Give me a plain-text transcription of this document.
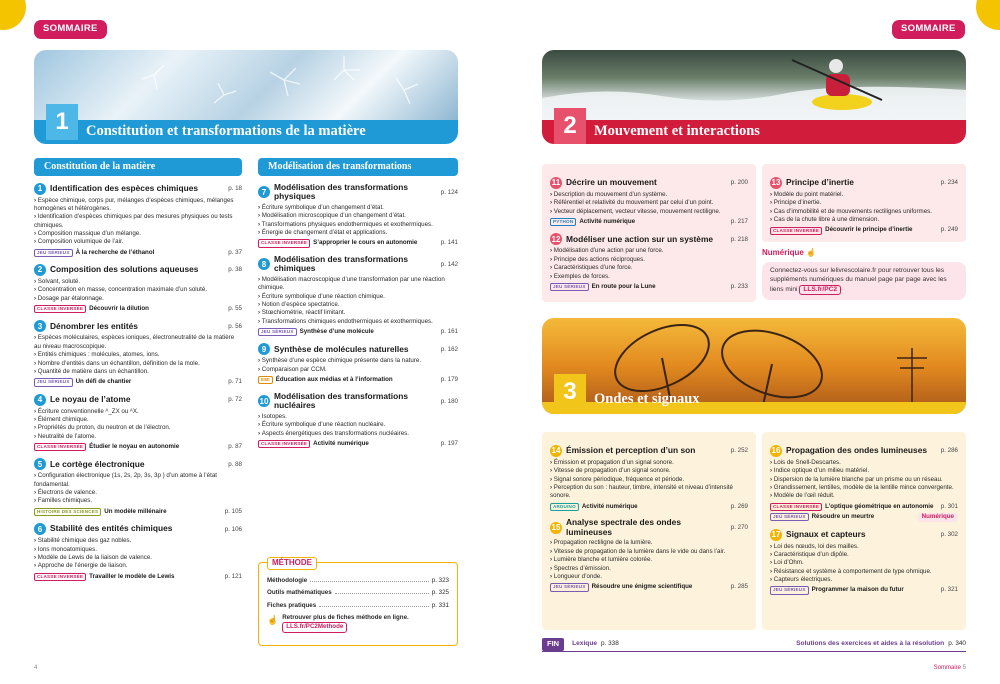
SOMMAIRE
Constitution et transformations de la matière
1
Constitution de la matière
1 Identification des espèces chimiques	p. 18
› Espèce chimique, corps pur, mélanges d’espèces chimiques, mélanges homogènes et hétérogènes.
› Identification d’espèces chimiques par des mesures physiques ou tests chimiques.
› Composition massique d’un mélange.
› Composition volumique de l’air.
JEU SÉRIEUX À la recherche de l’éthanol	p. 37
2 Composition des solutions aqueuses	p. 38
› Solvant, soluté.
› Concentration en masse, concentration maximale d’un soluté.
› Dosage par étalonnage.
CLASSE INVERSÉE Découvrir la dilution	p. 55
3 Dénombrer les entités	p. 56
› Espèces moléculaires, espèces ioniques, électroneutralité de la matière au niveau macroscopique.
› Entités chimiques : molécules, atomes, ions.
› Nombre d’entités dans un échantillon, définition de la mole.
› Quantité de matière dans un échantillon.
JEU SÉRIEUX Un défi de chantier	p. 71
4 Le noyau de l’atome	p. 72
› Écriture conventionnelle ᴬ_ZX ou ᴬX.
› Élément chimique.
› Propriétés du proton, du neutron et de l’électron.
› Neutralité de l’atome.
CLASSE INVERSÉE Étudier le noyau en autonomie	p. 87
5 Le cortège électronique	p. 88
› Configuration électronique (1s, 2s, 2p, 3s, 3p ) d’un atome à l’état fondamental.
› Électrons de valence.
› Familles chimiques.
HISTOIRE DES SCIENCES Un modèle millénaire	p. 105
6 Stabilité des entités chimiques	p. 106
› Stabilité chimique des gaz nobles.
› Ions monoatomiques.
› Modèle de Lewis de la liaison de valence.
› Approche de l’énergie de liaison.
CLASSE INVERSÉE Travailler le modèle de Lewis	p. 121
Modélisation des transformations
7
Modélisation des transformations physiques	p. 124
› Écriture symbolique d’un changement d’état.
› Modélisation microscopique d’un changement d’état.
› Transformations physiques endothermiques et exothermiques.
› Énergie de changement d’état et applications.
CLASSE INVERSÉE S’approprier le cours en autonomie	p. 141
8
Modélisation des transformations chimiques	p. 142
› Modélisation macroscopique d’une transformation par une réaction chimique.
› Écriture symbolique d’une réaction chimique.
› Notion d’espèce spectatrice.
› Stœchiométrie, réactif limitant.
› Transformations chimiques endothermiques et exothermiques.
JEU SÉRIEUX Synthèse d’une molécule	p. 161
9 Synthèse de molécules naturelles	p. 162
› Synthèse d’une espèce chimique présente dans la nature.
› Comparaison par CCM.
EMI Éducation aux médias et à l’information	p. 179
10
Modélisation des transformations nucléaires	p. 180
› Isotopes.
› Écriture symbolique d’une réaction nucléaire.
› Aspects énergétiques des transformations nucléaires.
CLASSE INVERSÉE Activité numérique	p. 197
MÉTHODE
Méthodologie	p. 323
Outils mathématiques	p. 325
Fiches pratiques	p. 331
☝ Retrouver plus de fiches méthode en ligne.
LLS.fr/PC2Methode
4
SOMMAIRE
Mouvement et interactions
2
11 Décrire un mouvement	p. 200
› Description du mouvement d’un système.
› Référentiel et relativité du mouvement par celui d’un point.
› Vecteur déplacement, vecteur vitesse, mouvement rectiligne.
PYTHON Activité numérique	p. 217
12 Modéliser une action sur un système	p. 218
› Modélisation d’une action par une force.
› Principe des actions réciproques.
› Caractéristiques d’une force.
› Exemples de forces.
JEU SÉRIEUX En route pour la Lune	p. 233
13 Principe d’inertie	p. 234
› Modèle du point matériel.
› Principe d’inertie.
› Cas d’immobilité et de mouvements rectilignes uniformes.
› Cas de la chute libre à une dimension.
CLASSE INVERSÉE Découvrir le principe d’inertie	p. 249
Numérique ☝
Connectez-vous sur lelivrescolaire.fr pour retrouver tous les suppléments numériques du manuel page par page avec les liens mini LLS.fr/PC2
Ondes et signaux
3
14 Émission et perception d’un son	p. 252
› Émission et propagation d’un signal sonore.
› Vitesse de propagation d’un signal sonore.
› Signal sonore périodique, fréquence et période.
› Perception du son : hauteur, timbre, intensité et niveau d’intensité sonore.
ARDUINO Activité numérique	p. 269
15
Analyse spectrale des ondes lumineuses	p. 270
› Propagation rectiligne de la lumière.
› Vitesse de propagation de la lumière dans le vide ou dans l’air.
› Lumière blanche et lumière colorée.
› Spectres d’émission.
› Longueur d’onde.
JEU SÉRIEUX Résoudre une énigme scientifique	p. 285
16 Propagation des ondes lumineuses	p. 286
› Lois de Snell-Descartes.
› Indice optique d’un milieu matériel.
› Dispersion de la lumière blanche par un prisme ou un réseau.
› Grandissement, lentilles, modèle de la lentille mince convergente.
› Modèle de l’œil réduit.
CLASSE INVERSÉE L’optique géométrique en autonomie	p. 301
JEU SÉRIEUX Résoudre un meurtre	Numérique
17 Signaux et capteurs	p. 302
› Loi des nœuds, loi des mailles.
› Caractéristique d’un dipôle.
› Loi d’Ohm.
› Résistance et système à comportement de type ohmique.
› Capteurs électriques.
JEU SÉRIEUX Programmer la maison du futur	p. 321
FIN	Lexique p. 338	Solutions des exercices et aides à la résolution p. 340
Sommaire 5
